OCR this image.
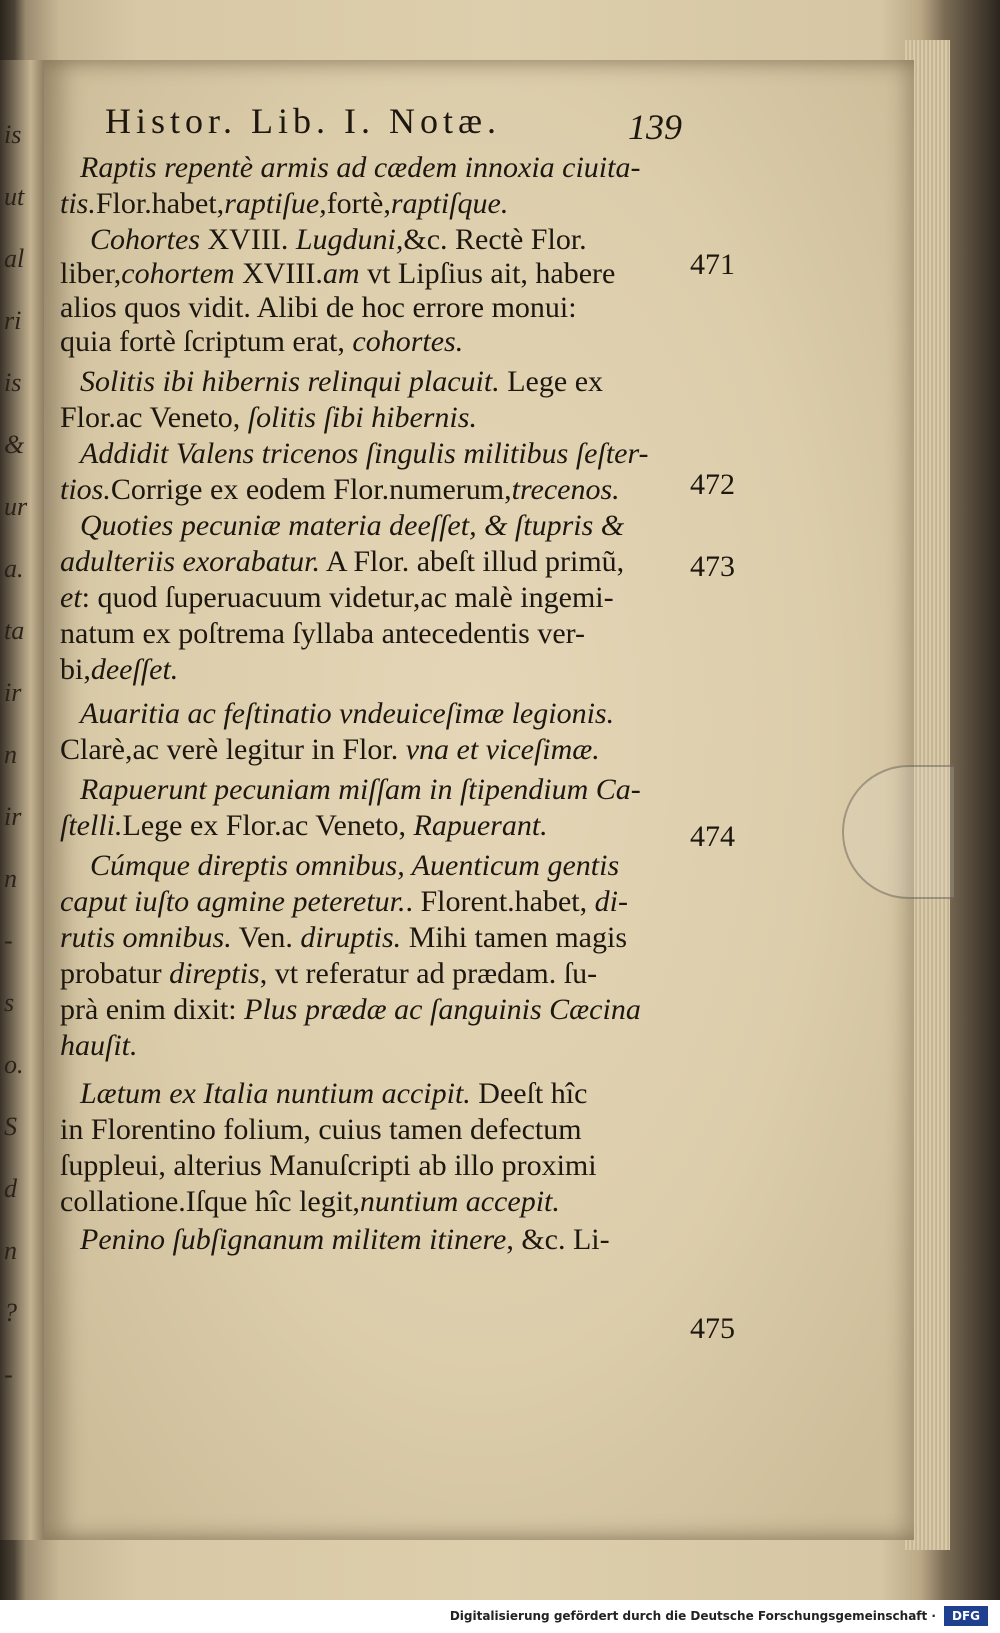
is
ut
al
ri
is
&
ur
a.
ta
ir
n
ir
n
-
s
o.
S
d
n
?
-
Histor. Lib. I. Notæ.	139
Raptis repentè armis ad cædem innoxia ciuita-
tis.Flor.habet,raptiſue,fortè,raptiſque.
Cohortes XVIII. Lugduni,&c. Rectè Flor.
liber,cohortem XVIII.am vt Lipſius ait, habere
alios quos vidit. Alibi de hoc errore monui:
quia fortè ſcriptum erat, cohortes.
Solitis ibi hibernis relinqui placuit. Lege ex
Flor.ac Veneto, ſolitis ſibi hibernis.
Addidit Valens tricenos ſingulis militibus ſeſter-
tios.Corrige ex eodem Flor.numerum,trecenos.
Quoties pecuniæ materia deeſſet, & ſtupris &
adulteriis exorabatur. A Flor. abeſt illud primũ,
et: quod ſuperuacuum videtur,ac malè ingemi-
natum ex poſtrema ſyllaba antecedentis ver-
bi,deeſſet.
Auaritia ac feſtinatio vndeuiceſimæ legionis.
Clarè,ac verè legitur in Flor. vna et viceſimæ.
Rapuerunt pecuniam miſſam in ſtipendium Ca-
ſtelli.Lege ex Flor.ac Veneto, Rapuerant.
Cúmque direptis omnibus, Auenticum gentis
caput iuſto agmine peteretur.. Florent.habet, di-
rutis omnibus. Ven. diruptis. Mihi tamen magis
probatur direptis, vt referatur ad prædam. ſu-
prà enim dixit: Plus prædæ ac ſanguinis Cæcina
hauſit.
Lætum ex Italia nuntium accipit. Deeſt hîc
in Florentino folium, cuius tamen defectum
ſuppleui, alterius Manuſcripti ab illo proximi
collatione.Iſque hîc legit,nuntium accepit.
Penino ſubſignanum militem itinere, &c. Li-
471
472
473
474
475
Digitalisierung gefördert durch die Deutsche Forschungsgemeinschaft ·	DFG
